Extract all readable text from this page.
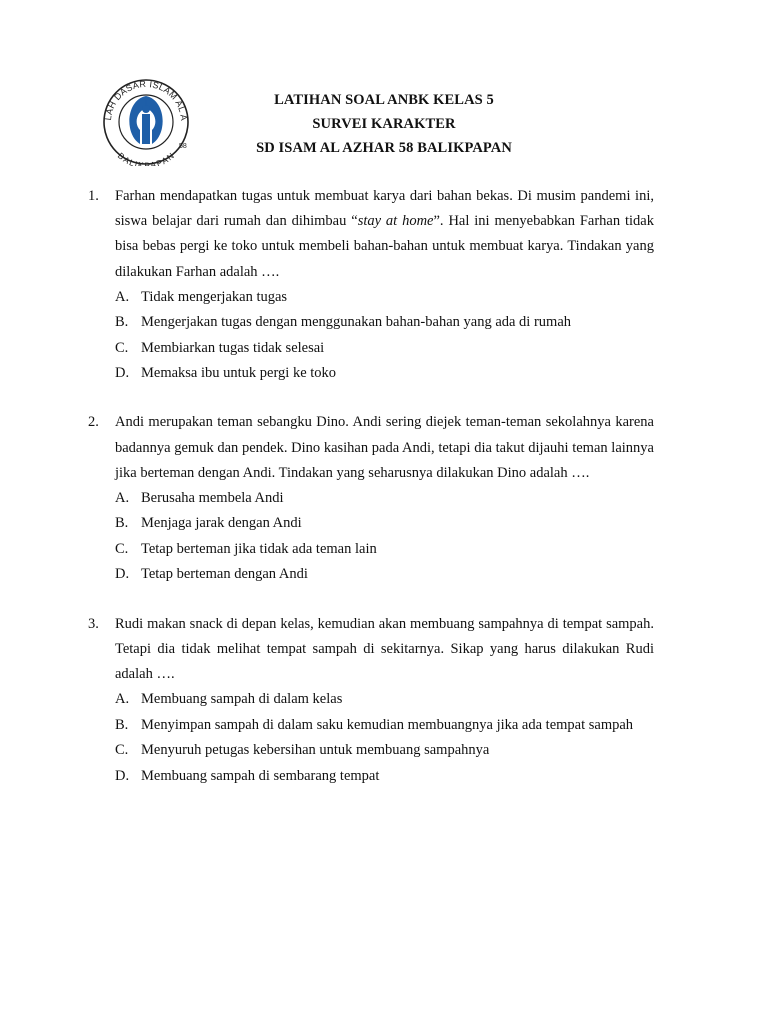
LAH DASAR ISLAM AL A
BALIKPAPAN
58
LATIHAN SOAL ANBK KELAS 5
SURVEI KARAKTER
SD ISAM AL AZHAR 58 BALIKPAPAN
1. Farhan mendapatkan tugas untuk membuat karya dari bahan bekas. Di musim pandemi ini, siswa belajar dari rumah dan dihimbau “stay at home”. Hal ini menyebabkan Farhan tidak bisa bebas pergi ke toko untuk membeli bahan-bahan untuk membuat karya. Tindakan yang dilakukan Farhan adalah ….
A. Tidak mengerjakan tugas
B. Mengerjakan tugas dengan menggunakan bahan-bahan yang ada di rumah
C. Membiarkan tugas tidak selesai
D. Memaksa ibu untuk pergi ke toko
2. Andi merupakan teman sebangku Dino. Andi sering diejek teman-teman sekolahnya karena badannya gemuk dan pendek. Dino kasihan pada Andi, tetapi dia takut dijauhi teman lainnya jika berteman dengan Andi. Tindakan yang seharusnya dilakukan Dino adalah ….
A. Berusaha membela Andi
B. Menjaga jarak dengan Andi
C. Tetap berteman jika tidak ada teman lain
D. Tetap berteman dengan Andi
3. Rudi makan snack di depan kelas, kemudian akan membuang sampahnya di tempat sampah. Tetapi dia tidak melihat tempat sampah di sekitarnya. Sikap yang harus dilakukan Rudi adalah ….
A. Membuang sampah di dalam kelas
B. Menyimpan sampah di dalam saku kemudian membuangnya jika ada tempat sampah
C. Menyuruh petugas kebersihan untuk membuang sampahnya
D. Membuang sampah di sembarang tempat
